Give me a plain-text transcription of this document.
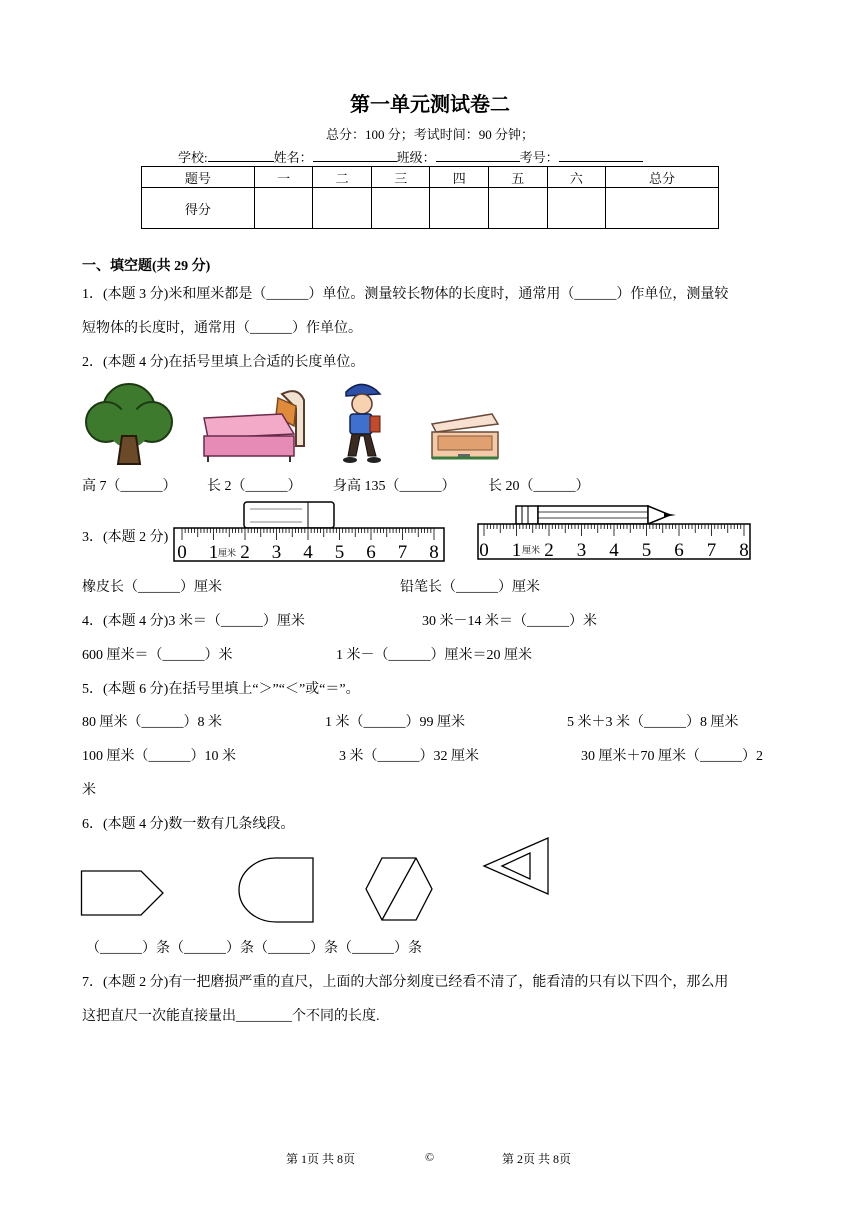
第一单元测试卷二
总分：100 分；考试时间：90 分钟；
学校:	姓名：	班级：	考号：
题号	一	二	三	四	五	六	总分
得分							
一、填空题(共 29 分)
1．(本题 3 分)米和厘米都是（______）单位。测量较长物体的长度时，通常用（______）作单位，测量较
短物体的长度时，通常用（______）作单位。
2．(本题 4 分)在括号里填上合适的长度单位。
高 7（______） 长 2（______） 身高 135（______） 长 20（______）
3．(本题 2 分)
0 1 厘米 2 3 4 5 6 7 8 0 1 厘米 2 3 4 5 6 7 8
橡皮长（______）厘米	铅笔长（______）厘米
4．(本题 4 分)3 米＝（______）厘米	30 米－14 米＝（______）米
600 厘米＝（______）米	1 米－（______）厘米＝20 厘米
5．(本题 6 分)在括号里填上“＞”“＜”或“＝”。
80 厘米（______）8 米	1 米（______）99 厘米	5 米＋3 米（______）8 厘米
100 厘米（______）10 米	3 米（______）32 厘米	30 厘米＋70 厘米（______）2
米
6．(本题 4 分)数一数有几条线段。
（______）条（______）条（______）条（______）条
7．(本题 2 分)有一把磨损严重的直尺，上面的大部分刻度已经看不清了，能看清的只有以下四个，那么用
这把直尺一次能直接量出________个不同的长度.
第 1页 共 8页	©	第 2页 共 8页
